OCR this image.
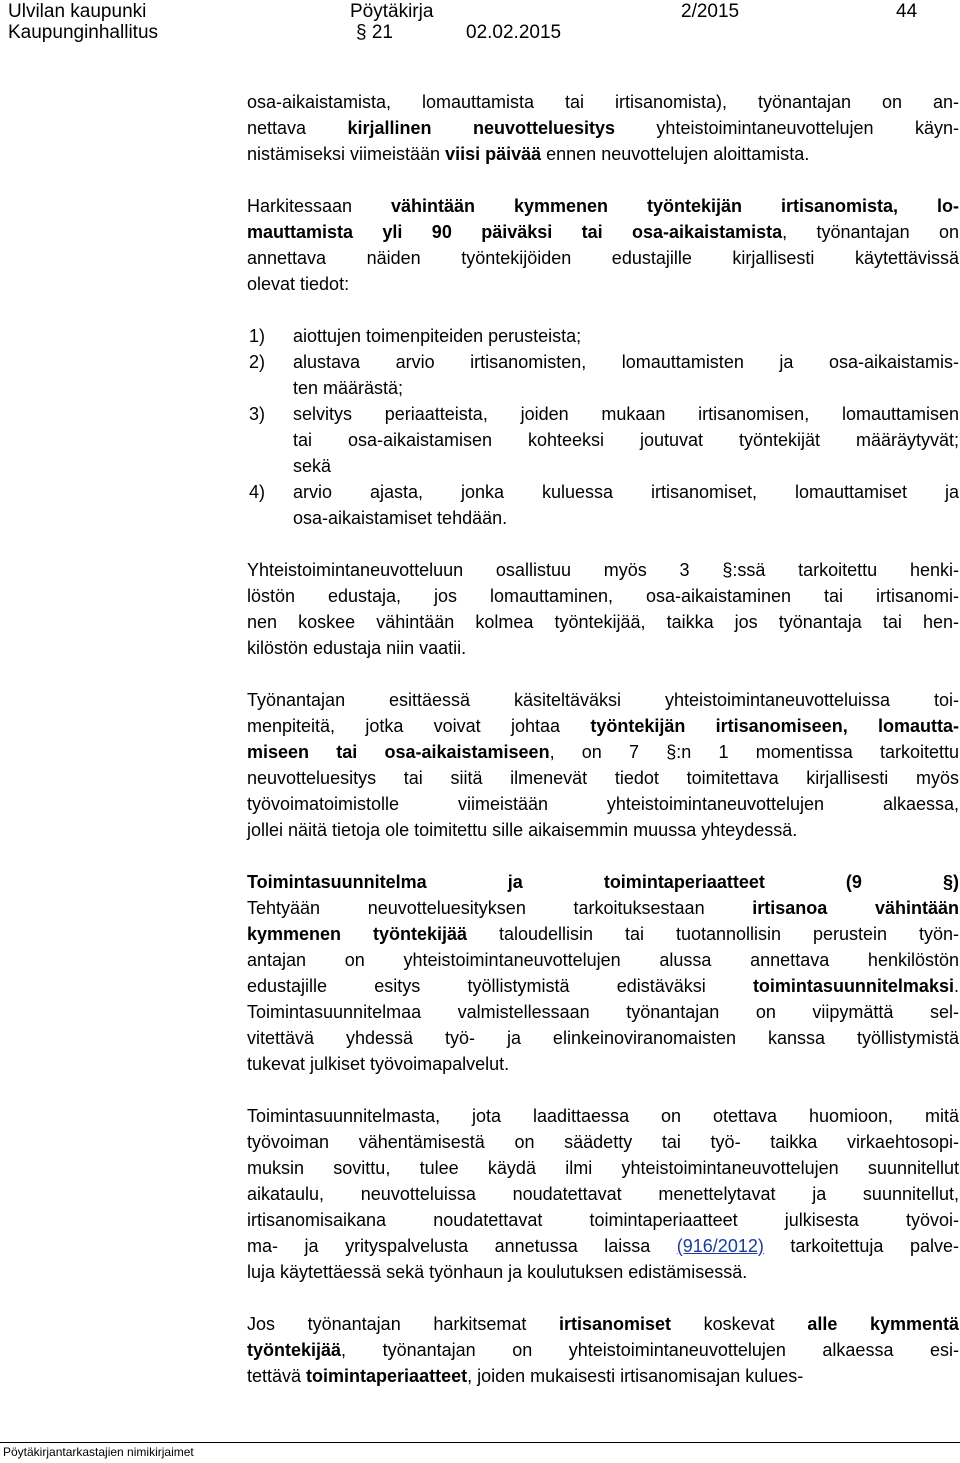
Ulvilan kaupunki	Pöytäkirja	2/2015	44
Kaupunginhallitus	§ 21	02.02.2015
osa-aikaistamista, lomauttamista tai irtisanomista), työnantajan on an-
nettava kirjallinen neuvotteluesitys yhteistoimintaneuvottelujen käyn-
nistämiseksi viimeistään viisi päivää ennen neuvottelujen aloittamista.
Harkitessaan vähintään kymmenen työntekijän irtisanomista, lo-
mauttamista yli 90 päiväksi tai osa-aikaistamista, työnantajan on
annettava näiden työntekijöiden edustajille kirjallisesti käytettävissä
olevat tiedot:
1) aiottujen toimenpiteiden perusteista;
2) alustava arvio irtisanomisten, lomauttamisten ja osa-aikaistamis-
ten määrästä;
3) selvitys periaatteista, joiden mukaan irtisanomisen, lomauttamisen
tai osa-aikaistamisen kohteeksi joutuvat työntekijät määräytyvät;
sekä
4) arvio ajasta, jonka kuluessa irtisanomiset, lomauttamiset ja
osa-aikaistamiset tehdään.
Yhteistoimintaneuvotteluun osallistuu myös 3 §:ssä tarkoitettu henki-
löstön edustaja, jos lomauttaminen, osa-aikaistaminen tai irtisanomi-
nen koskee vähintään kolmea työntekijää, taikka jos työnantaja tai hen-
kilöstön edustaja niin vaatii.
Työnantajan esittäessä käsiteltäväksi yhteistoimintaneuvotteluissa toi-
menpiteitä, jotka voivat johtaa työntekijän irtisanomiseen, lomautta-
miseen tai osa-aikaistamiseen, on 7 §:n 1 momentissa tarkoitettu
neuvotteluesitys tai siitä ilmenevät tiedot toimitettava kirjallisesti myös
työvoimatoimistolle viimeistään yhteistoimintaneuvottelujen alkaessa,
jollei näitä tietoja ole toimitettu sille aikaisemmin muussa yhteydessä.
Toimintasuunnitelma ja toimintaperiaatteet (9 §)
Tehtyään neuvotteluesityksen tarkoituksestaan irtisanoa vähintään
kymmenen työntekijää taloudellisin tai tuotannollisin perustein työn-
antajan on yhteistoimintaneuvottelujen alussa annettava henkilöstön
edustajille esitys työllistymistä edistäväksi toimintasuunnitelmaksi.
Toimintasuunnitelmaa valmistellessaan työnantajan on viipymättä sel-
vitettävä yhdessä työ- ja elinkeinoviranomaisten kanssa työllistymistä
tukevat julkiset työvoimapalvelut.
Toimintasuunnitelmasta, jota laadittaessa on otettava huomioon, mitä
työvoiman vähentämisestä on säädetty tai työ- taikka virkaehtosopi-
muksin sovittu, tulee käydä ilmi yhteistoimintaneuvottelujen suunnitellut
aikataulu, neuvotteluissa noudatettavat menettelytavat ja suunnitellut,
irtisanomisaikana noudatettavat toimintaperiaatteet julkisesta työvoi-
ma- ja yrityspalvelusta annetussa laissa (916/2012) tarkoitettuja palve-
luja käytettäessä sekä työnhaun ja koulutuksen edistämisessä.
Jos työnantajan harkitsemat irtisanomiset koskevat alle kymmentä
työntekijää, työnantajan on yhteistoimintaneuvottelujen alkaessa esi-
tettävä toimintaperiaatteet, joiden mukaisesti irtisanomisajan kulues-
Pöytäkirjantarkastajien nimikirjaimet
